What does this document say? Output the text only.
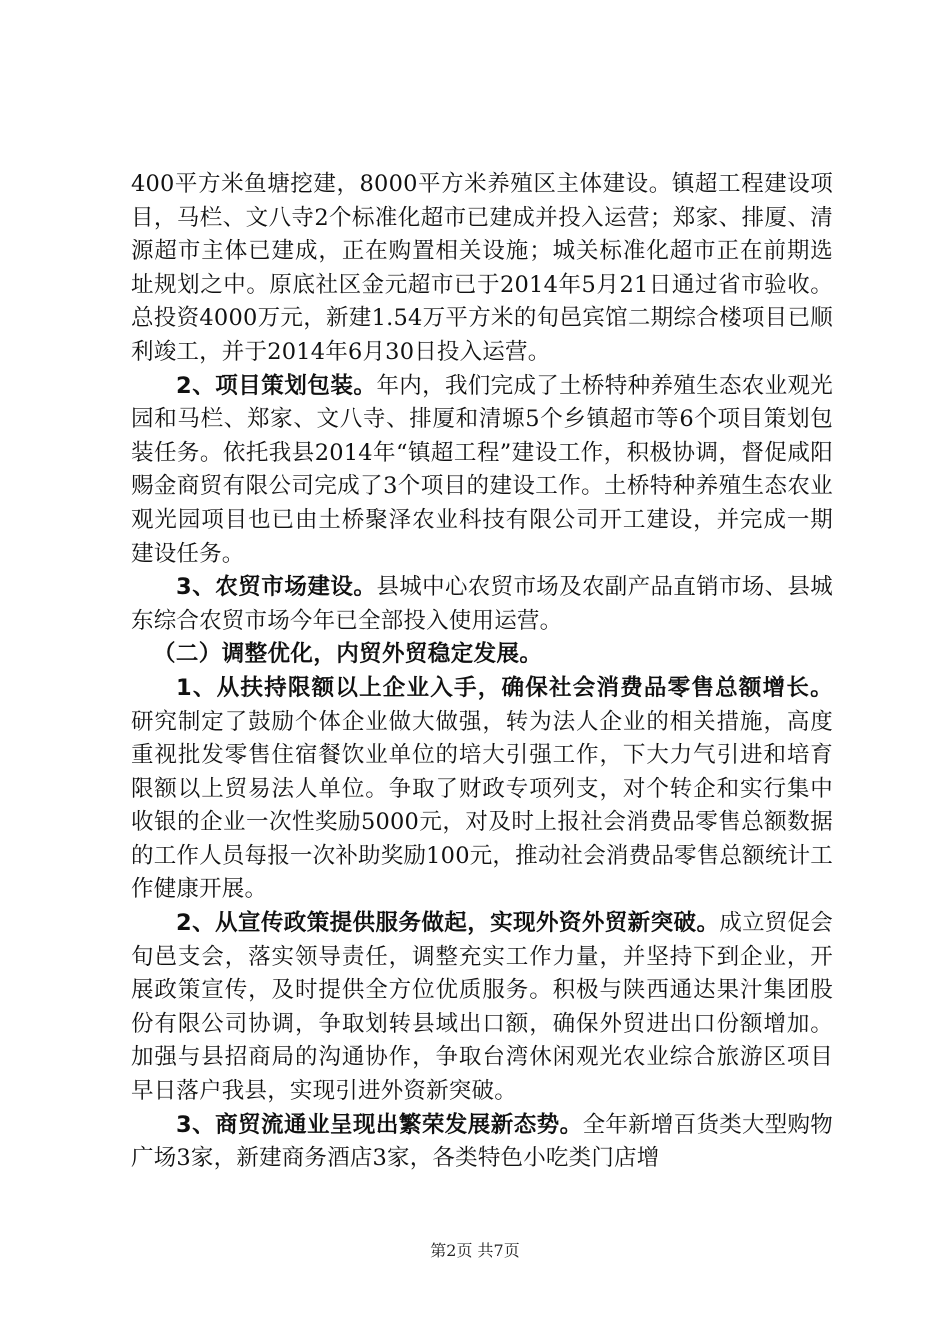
400平方米鱼塘挖建，8000平方米养殖区主体建设。镇超工程建设项目，马栏、文八寺2个标准化超市已建成并投入运营；郑家、排厦、清源超市主体已建成，正在购置相关设施；城关标准化超市正在前期选址规划之中。原底社区金元超市已于2014年5月21日通过省市验收。总投资4000万元，新建1.54万平方米的旬邑宾馆二期综合楼项目已顺利竣工，并于2014年6月30日投入运营。

2、项目策划包装。年内，我们完成了土桥特种养殖生态农业观光园和马栏、郑家、文八寺、排厦和清塬5个乡镇超市等6个项目策划包装任务。依托我县2014年“镇超工程”建设工作，积极协调，督促咸阳赐金商贸有限公司完成了3个项目的建设工作。土桥特种养殖生态农业观光园项目也已由土桥聚泽农业科技有限公司开工建设，并完成一期建设任务。

3、农贸市场建设。县城中心农贸市场及农副产品直销市场、县城东综合农贸市场今年已全部投入使用运营。

（二）调整优化，内贸外贸稳定发展。

1、从扶持限额以上企业入手，确保社会消费品零售总额增长。研究制定了鼓励个体企业做大做强，转为法人企业的相关措施，高度重视批发零售住宿餐饮业单位的培大引强工作，下大力气引进和培育限额以上贸易法人单位。争取了财政专项列支，对个转企和实行集中收银的企业一次性奖励5000元，对及时上报社会消费品零售总额数据的工作人员每报一次补助奖励100元，推动社会消费品零售总额统计工作健康开展。

2、从宣传政策提供服务做起，实现外资外贸新突破。成立贸促会旬邑支会，落实领导责任，调整充实工作力量，并坚持下到企业，开展政策宣传，及时提供全方位优质服务。积极与陕西通达果汁集团股份有限公司协调，争取划转县域出口额，确保外贸进出口份额增加。加强与县招商局的沟通协作，争取台湾休闲观光农业综合旅游区项目早日落户我县，实现引进外资新突破。

3、商贸流通业呈现出繁荣发展新态势。全年新增百货类大型购物广场3家，新建商务酒店3家，各类特色小吃类门店增

第2页 共7页
